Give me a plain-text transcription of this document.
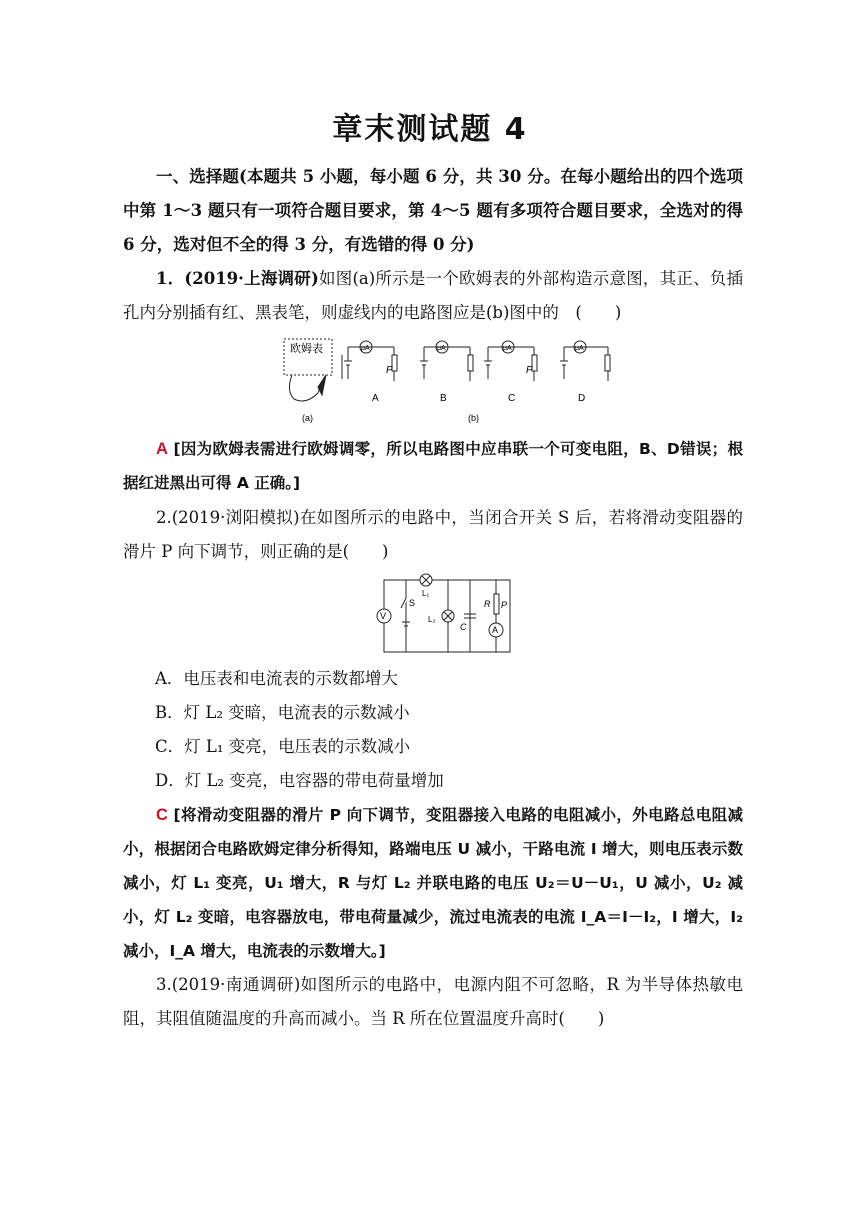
章末测试题 4
一、选择题(本题共 5 小题，每小题 6 分，共 30 分。在每小题给出的四个选项中第 1～3 题只有一项符合题目要求，第 4～5 题有多项符合题目要求，全选对的得 6 分，选对但不全的得 3 分，有选错的得 0 分)
1．(2019·上海调研)如图(a)所示是一个欧姆表的外部构造示意图，其正、负插孔内分别插有红、黑表笔，则虚线内的电路图应是(b)图中的　(　　)
欧姆表	μA	μA	μA	μA
P	P
(a)
A	B	C	D
(b)
A [因为欧姆表需进行欧姆调零，所以电路图中应串联一个可变电阻，B、D错误；根据红进黑出可得 A 正确。]
2.(2019·浏阳模拟)在如图所示的电路中，当闭合开关 S 后，若将滑动变阻器的滑片 P 向下调节，则正确的是(　　)
S
L₁
L₂
V
C
R P
A
A．电压表和电流表的示数都增大
B．灯 L₂ 变暗，电流表的示数减小
C．灯 L₁ 变亮，电压表的示数减小
D．灯 L₂ 变亮，电容器的带电荷量增加
C [将滑动变阻器的滑片 P 向下调节，变阻器接入电路的电阻减小，外电路总电阻减小，根据闭合电路欧姆定律分析得知，路端电压 U 减小，干路电流 I 增大，则电压表示数减小，灯 L₁ 变亮，U₁ 增大，R 与灯 L₂ 并联电路的电压 U₂＝U－U₁，U 减小，U₂ 减小，灯 L₂ 变暗，电容器放电，带电荷量减少，流过电流表的电流 I_A＝I－I₂，I 增大，I₂ 减小，I_A 增大，电流表的示数增大。]
3.(2019·南通调研)如图所示的电路中，电源内阻不可忽略，R 为半导体热敏电阻，其阻值随温度的升高而减小。当 R 所在位置温度升高时(　　)
